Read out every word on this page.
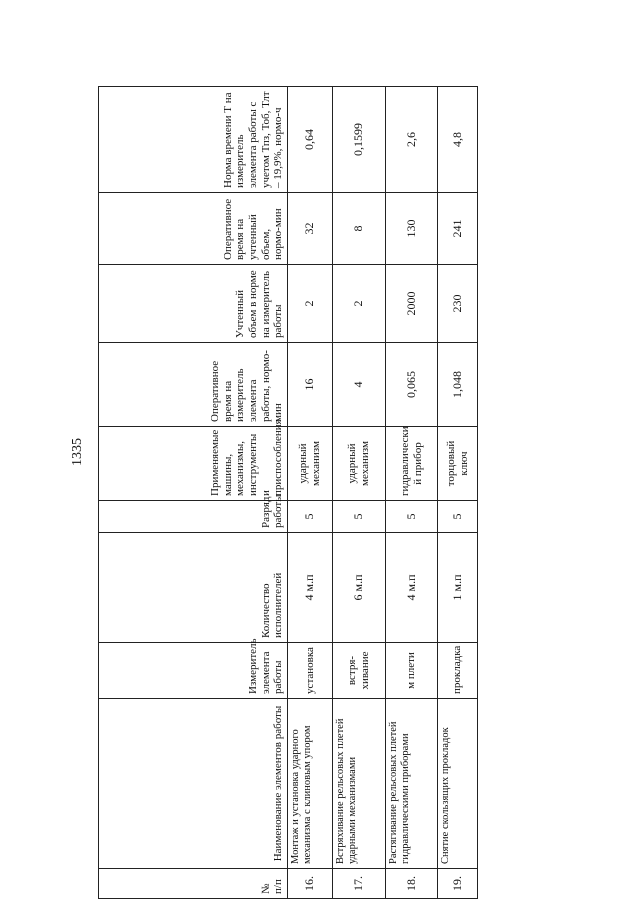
1335
№ п/п	Наименование элементов работы	Измеритель элемента работы	Количество исполнителей	Разряд работы	Применяемые машины, механизмы, инструменты и приспособления	Оперативное время на измеритель элемента работы, нормо-мин	Учтенный объем в норме на измеритель работы	Оперативное время на учтенный объем, нормо-мин	Норма времени Т на измеритель элемента работы с учетом Тпз, Тоб, Тлт – 19,9%, нормо-ч
16.	Монтаж и установка ударного механизма с клиновым упором	установка	4 м.п	5	ударный механизм	16	2	32	0,64
17.	Встряхивание рельсовых плетей ударными механизмами	встря-хивание	6 м.п	5	ударный механизм	4	2	8	0,1599
18.	Растягивание рельсовых плетей гидравлическими приборами	м плети	4 м.п	5	гидравлически й прибор	0,065	2000	130	2,6
19.	Снятие скользящих прокладок	прокладка	1 м.п	5	торцовый ключ	1,048	230	241	4,8
